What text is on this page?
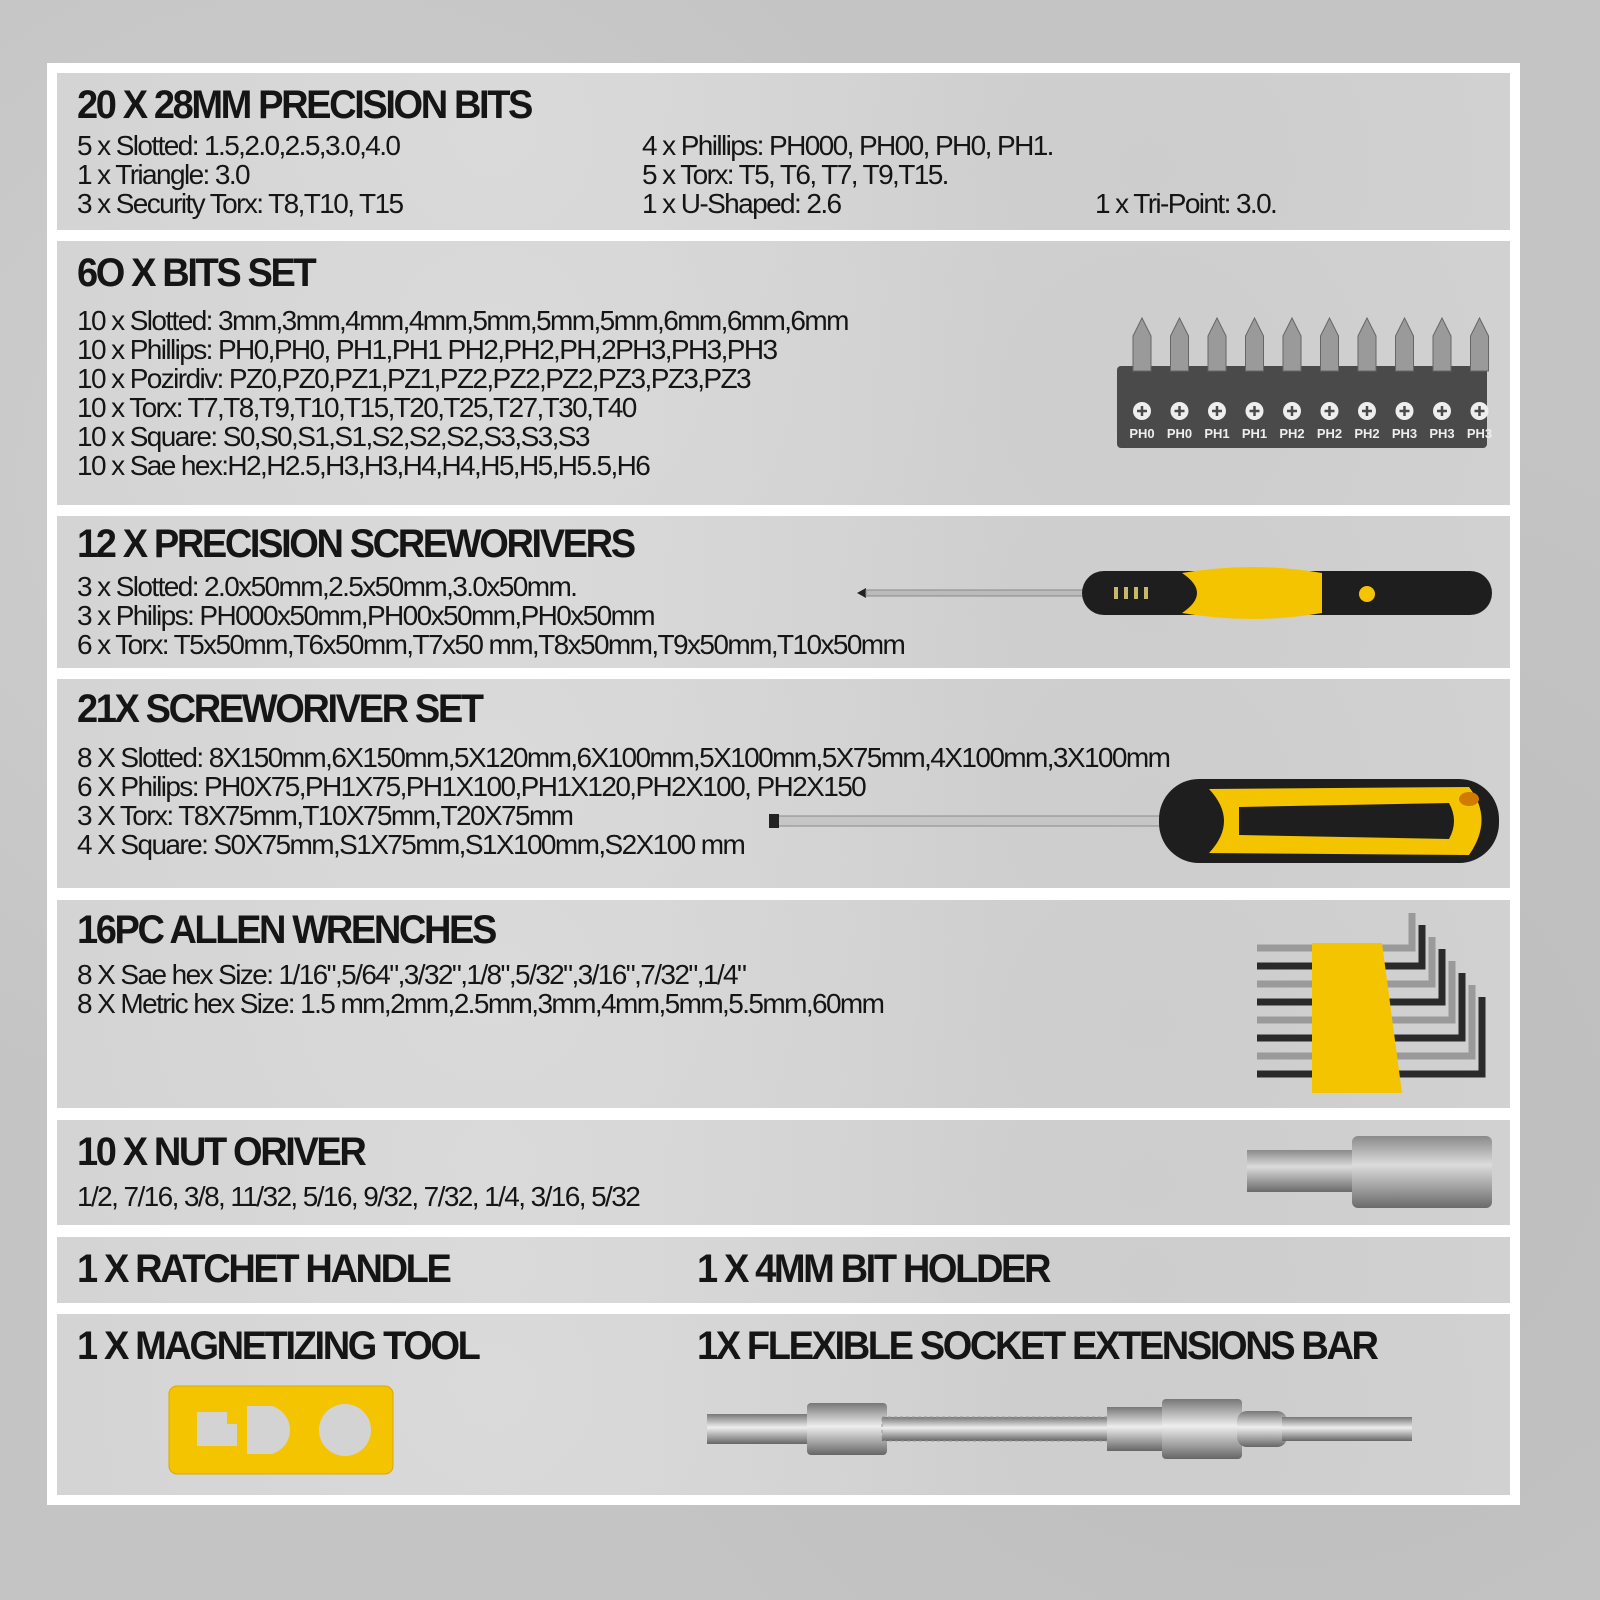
20 X 28MM PRECISION BITS
5 x Slotted: 1.5,2.0,2.5,3.0,4.0
1 x Triangle: 3.0
3 x Security Torx: T8,T10, T15
4 x Phillips: PH000, PH00, PH0, PH1.
5 x Torx: T5, T6, T7, T9,T15.
1 x U-Shaped: 2.6	1 x Tri-Point: 3.0.
6O X BITS SET
10 x Slotted: 3mm,3mm,4mm,4mm,5mm,5mm,5mm,6mm,6mm,6mm
10 x Phillips: PH0,PH0, PH1,PH1 PH2,PH2,PH,2PH3,PH3,PH3
10 x Pozirdiv: PZ0,PZ0,PZ1,PZ1,PZ2,PZ2,PZ2,PZ3,PZ3,PZ3
10 x Torx: T7,T8,T9,T10,T15,T20,T25,T27,T30,T40
10 x Square: S0,S0,S1,S1,S2,S2,S2,S3,S3,S3
10 x Sae hex:H2,H2.5,H3,H3,H4,H4,H5,H5,H5.5,H6
PH0 PH0 PH1 PH1 PH2 PH2 PH2 PH3 PH3 PH3
12 X PRECISION SCREWORIVERS
3 x Slotted: 2.0x50mm,2.5x50mm,3.0x50mm.
3 x Philips: PH000x50mm,PH00x50mm,PH0x50mm
6 x Torx: T5x50mm,T6x50mm,T7x50 mm,T8x50mm,T9x50mm,T10x50mm
21X SCREWORIVER SET
8 X Slotted: 8X150mm,6X150mm,5X120mm,6X100mm,5X100mm,5X75mm,4X100mm,3X100mm
6 X Philips: PH0X75,PH1X75,PH1X100,PH1X120,PH2X100, PH2X150
3 X Torx: T8X75mm,T10X75mm,T20X75mm
4 X Square: S0X75mm,S1X75mm,S1X100mm,S2X100 mm
16PC ALLEN WRENCHES
8 X Sae hex Size: 1/16",5/64",3/32",1/8",5/32",3/16",7/32",1/4"
8 X Metric hex Size: 1.5 mm,2mm,2.5mm,3mm,4mm,5mm,5.5mm,60mm
10 X NUT ORIVER
1/2, 7/16, 3/8, 11/32, 5/16, 9/32, 7/32, 1/4, 3/16, 5/32
1 X RATCHET HANDLE	1 X 4MM BIT HOLDER
1 X MAGNETIZING TOOL	1X FLEXIBLE SOCKET EXTENSIONS BAR
